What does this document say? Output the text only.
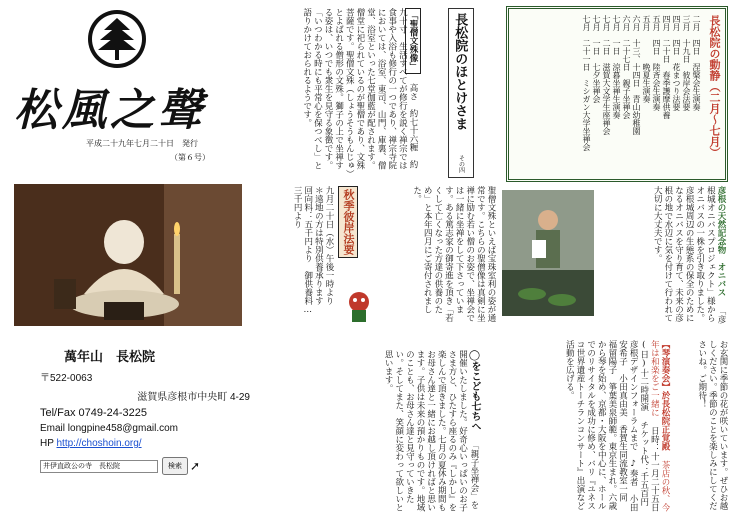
松風之聲
平成二十九年七月二十日　発行
（第６号）
「聖僧文殊像」 高さ　約七十六糎　約九十寸　生活すべてが修行を説く禅宗では食事や入浴も修行の一つであり、禅宗寺院においては、浴室、東司、山門、庫裏、僧堂、浴室といった七堂伽藍が配されます。僧堂に祀られているのが聖僧であり、文殊菩薩です。聖僧文殊（しょうそうもんじゅ）とよばれる僧形の文殊。獅子の上で坐禅する姿は、いつでも衆生を見守る象徴です。「いつわかる時にも平常心を保つべし」と語りかけておられるようです。	長松院のほとけさま
その四
長松院の動静（二月〜七月）
二月　四日　涅槃会生演奏
三月　十九日　彼岸会法要
四月　四日　花まつり法要
四月　二十日　春季護摩供養
五月　四日　陸斉会生演奏
五月　　　　晩夏生演奏
六月　十三、十四日　青山幼稚園
六月　二十七日　親子坐禅会
七月　一日　涼暮坐禅生演奏
七月　二日　滋賀大文学生座禅会
七月　一日　七夕坐禅会
七月　二十一日　ミシガン大学坐禅会
聖僧文殊といえば宝珠室利の姿が通常です。こちらの聖僧像は真剣に坐禅に励む若い僧のお姿で、坐禅会では一緒に坐禅をして下さっています。ある篤志家の御寄進を頂き「若くして亡くなった方達の供養のため」と本年四月にご寄付されました。
秋季彼岸法要
九月二十日（水）午後一時より　＊遠地の方は特別供養承ります　回向料：五千円より　御供養料…三千円より	彦根の天然記念物　オニバス 「彦根城オニバスプロジェクト」様からオニバスの一株を引き取りました。彦根城周辺の生態系の保全のためになるオニバスを守り育て、未来の彦根の地で水辺に気を付けて行われて大切に大丈夫です。
萬年山　長松院
〒522-0063
滋賀県彦根市中央町 4-29
Tel/Fax 0749-24-3225
Email longpine458@gmail.com
HP http://choshoin.org/
井伊直政公の寺　長松院
検索 ➚
◯をこども七ちへ 「親子坐禅会」を開催いたしました。好奇心いっぱいのお子さま方と、ひたすら座るのみ『しかし』を楽しんで頂きました。七月の夏休み期間もお母さん達と一緒にお越し頂ければと思います。子供は未来の預かりものです。地域のことも、お母さん達と見守っていきたい。そしてまた、笑顔に変わって欲しいと思います。	【琴演奏会】於長松院正覚殿 茶店の秋、今年は和楽をご一緒に 日時：十一月二十五日(日)十二時開演 チケット代：千五百円 彦根デザインフォーラムまで　♪奏者　小田安希子　小田真由美　香賀生同流教室一同　福留陽子　箏葉美泉師範。東京生まれ。六歳から琴を始め、京都・大阪を中心に、ホールでのリサイタルを成功に修め、バリ『ユネスコ世界遺産トーチランコンサート』出演など活動を広げる。	お玄関に季節の花が咲いています。ぜひお越しください。季節のことを楽しみにしてくださいね。ご期待！
